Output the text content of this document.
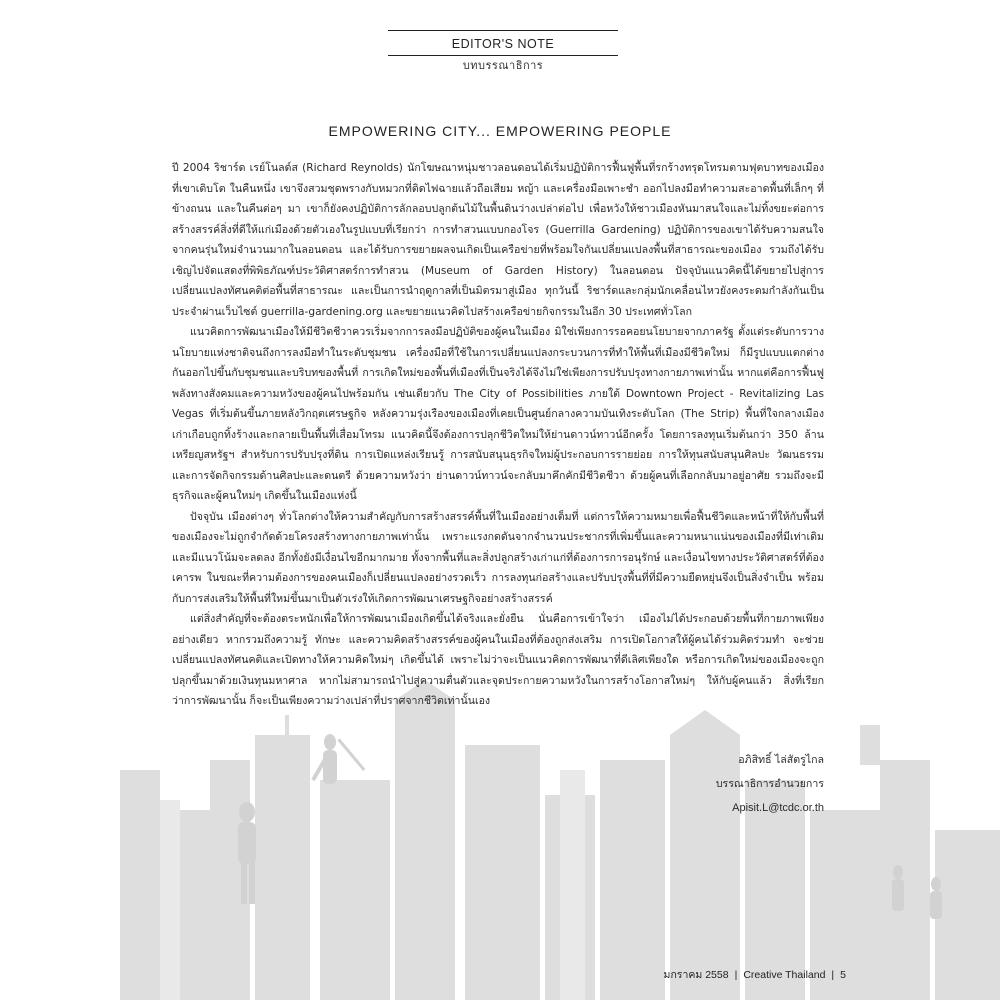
EDITOR'S NOTE
บทบรรณาธิการ
EMPOWERING CITY... EMPOWERING PEOPLE

ปี 2004 ริชาร์ด เรย์โนลด์ส (Richard Reynolds) นักโฆษณาหนุ่มชาวลอนดอนได้เริ่มปฏิบัติการฟื้นฟูพื้นที่รกร้างทรุดโทรมตามฟุตบาทของเมืองที่เขาเติบโต ในคืนหนึ่ง เขาจึงสวมชุดพรางกับหมวกที่ติดไฟฉายแล้วถือเสียม หญ้า และเครื่องมือเพาะชำ ออกไปลงมือทำความสะอาดพื้นที่เล็กๆ ที่ข้างถนน และในคืนต่อๆ มา เขาก็ยังคงปฏิบัติการลักลอบปลูกต้นไม้ในพื้นดินว่างเปล่าต่อไป เพื่อหวังให้ชาวเมืองหันมาสนใจและไม่ทิ้งขยะต่อการสร้างสรรค์สิ่งที่ดีให้แก่เมืองด้วยตัวเองในรูปแบบที่เรียกว่า การทำสวนแบบกองโจร (Guerrilla Gardening) ปฏิบัติการของเขาได้รับความสนใจจากคนรุ่นใหม่จำนวนมากในลอนดอน และได้รับการขยายผลจนเกิดเป็นเครือข่ายที่พร้อมใจกันเปลี่ยนแปลงพื้นที่สาธารณะของเมือง รวมถึงได้รับเชิญไปจัดแสดงที่พิพิธภัณฑ์ประวัติศาสตร์การทำสวน (Museum of Garden History) ในลอนดอน ปัจจุบันแนวคิดนี้ได้ขยายไปสู่การเปลี่ยนแปลงทัศนคติต่อพื้นที่สาธารณะ และเป็นการนำฤดูกาลที่เป็นมิตรมาสู่เมือง ทุกวันนี้ ริชาร์ดและกลุ่มนักเคลื่อนไหวยังคงระดมกำลังกันเป็นประจำผ่านเว็บไซต์ guerrilla-gardening.org และขยายแนวคิดไปสร้างเครือข่ายกิจกรรมในอีก 30 ประเทศทั่วโลก

แนวคิดการพัฒนาเมืองให้มีชีวิตชีวาควรเริ่มจากการลงมือปฏิบัติของผู้คนในเมือง มิใช่เพียงการรอคอยนโยบายจากภาครัฐ ตั้งแต่ระดับการวางนโยบายแห่งชาติจนถึงการลงมือทำในระดับชุมชน เครื่องมือที่ใช้ในการเปลี่ยนแปลงกระบวนการที่ทำให้พื้นที่เมืองมีชีวิตใหม่ ก็มีรูปแบบแตกต่างกันออกไปขึ้นกับชุมชนและบริบทของพื้นที่ การเกิดใหม่ของพื้นที่เมืองที่เป็นจริงได้จึงไม่ใช่เพียงการปรับปรุงทางกายภาพเท่านั้น หากแต่คือการฟื้นฟูพลังทางสังคมและความหวังของผู้คนไปพร้อมกัน เช่นเดียวกับ The City of Possibilities ภายใต้ Downtown Project - Revitalizing Las Vegas ที่เริ่มต้นขึ้นภายหลังวิกฤตเศรษฐกิจ หลังความรุ่งเรืองของเมืองที่เคยเป็นศูนย์กลางความบันเทิงระดับโลก (The Strip) พื้นที่ใจกลางเมืองเก่าเกือบถูกทิ้งร้างและกลายเป็นพื้นที่เสื่อมโทรม แนวคิดนี้จึงต้องการปลุกชีวิตใหม่ให้ย่านดาวน์ทาวน์อีกครั้ง โดยการลงทุนเริ่มต้นกว่า 350 ล้านเหรียญสหรัฐฯ สำหรับการปรับปรุงที่ดิน การเปิดแหล่งเรียนรู้ การสนับสนุนธุรกิจใหม่ผู้ประกอบการรายย่อย การให้ทุนสนับสนุนศิลปะ วัฒนธรรม และการจัดกิจกรรมด้านศิลปะและดนตรี ด้วยความหวังว่า ย่านดาวน์ทาวน์จะกลับมาคึกคักมีชีวิตชีวา ด้วยผู้คนที่เลือกกลับมาอยู่อาศัย รวมถึงจะมีธุรกิจและผู้คนใหม่ๆ เกิดขึ้นในเมืองแห่งนี้

ปัจจุบัน เมืองต่างๆ ทั่วโลกต่างให้ความสำคัญกับการสร้างสรรค์พื้นที่ในเมืองอย่างเต็มที่ แต่การให้ความหมายเพื่อฟื้นชีวิตและหน้าที่ให้กับพื้นที่ของเมืองจะไม่ถูกจำกัดด้วยโครงสร้างทางกายภาพเท่านั้น เพราะแรงกดดันจากจำนวนประชากรที่เพิ่มขึ้นและความหนาแน่นของเมืองที่มีเท่าเดิมและมีแนวโน้มจะลดลง อีกทั้งยังมีเงื่อนไขอีกมากมาย ทั้งจากพื้นที่และสิ่งปลูกสร้างเก่าแก่ที่ต้องการการอนุรักษ์ และเงื่อนไขทางประวัติศาสตร์ที่ต้องเคารพ ในขณะที่ความต้องการของคนเมืองก็เปลี่ยนแปลงอย่างรวดเร็ว การลงทุนก่อสร้างและปรับปรุงพื้นที่ที่มีความยืดหยุ่นจึงเป็นสิ่งจำเป็น พร้อมกับการส่งเสริมให้พื้นที่ใหม่ขึ้นมาเป็นตัวเร่งให้เกิดการพัฒนาเศรษฐกิจอย่างสร้างสรรค์

แต่สิ่งสำคัญที่จะต้องตระหนักเพื่อให้การพัฒนาเมืองเกิดขึ้นได้จริงและยั่งยืน นั่นคือการเข้าใจว่า เมืองไม่ได้ประกอบด้วยพื้นที่กายภาพเพียงอย่างเดียว หากรวมถึงความรู้ ทักษะ และความคิดสร้างสรรค์ของผู้คนในเมืองที่ต้องถูกส่งเสริม การเปิดโอกาสให้ผู้คนได้ร่วมคิดร่วมทำ จะช่วยเปลี่ยนแปลงทัศนคติและเปิดทางให้ความคิดใหม่ๆ เกิดขึ้นได้ เพราะไม่ว่าจะเป็นแนวคิดการพัฒนาที่ดีเลิศเพียงใด หรือการเกิดใหม่ของเมืองจะถูกปลุกขึ้นมาด้วยเงินทุนมหาศาล หากไม่สามารถนำไปสู่ความตื่นตัวและจุดประกายความหวังในการสร้างโอกาสใหม่ๆ ให้กับผู้คนแล้ว สิ่งที่เรียกว่าการพัฒนานั้น ก็จะเป็นเพียงความว่างเปล่าที่ปราศจากชีวิตเท่านั้นเอง

อภิสิทธิ์ ไล่สัตรูไกล
บรรณาธิการอำนวยการ
Apisit.L@tcdc.or.th
มกราคม 2558 | Creative Thailand | 5
